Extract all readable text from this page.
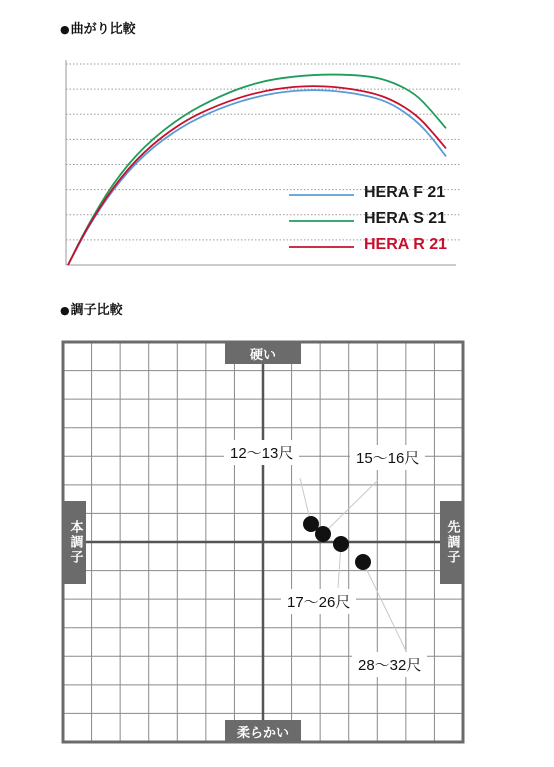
●曲がり比較
HERA F 21
HERA S 21
HERA R 21
●調子比較
硬い
柔らかい
本調子	先調子
12〜13尺	15〜16尺
17〜26尺
28〜32尺
